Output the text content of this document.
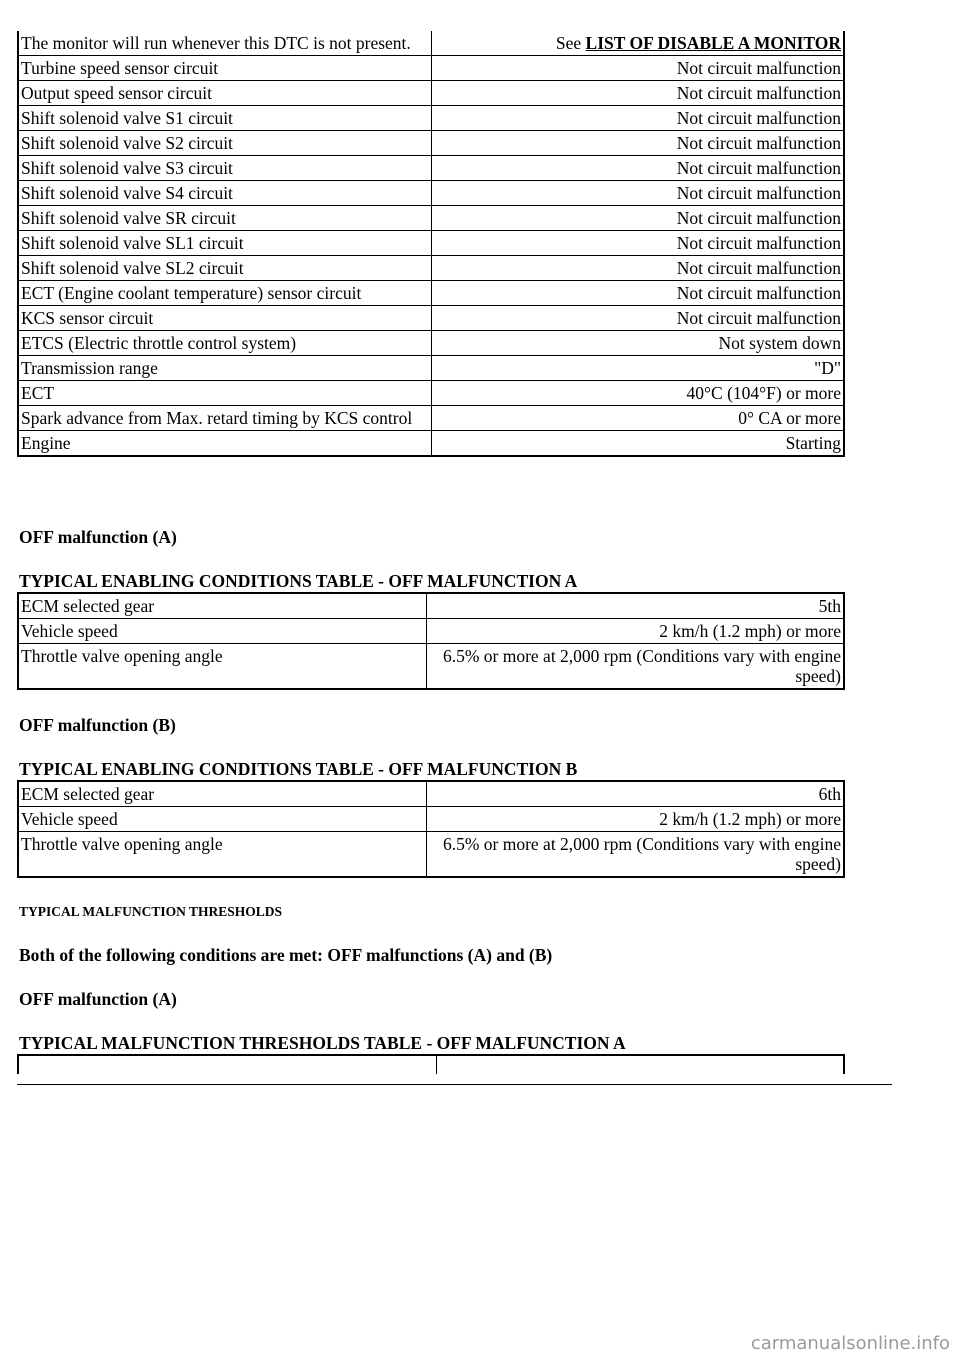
The monitor will run whenever this DTC is not present.	See LIST OF DISABLE A MONITOR
Turbine speed sensor circuit	Not circuit malfunction
Output speed sensor circuit	Not circuit malfunction
Shift solenoid valve S1 circuit	Not circuit malfunction
Shift solenoid valve S2 circuit	Not circuit malfunction
Shift solenoid valve S3 circuit	Not circuit malfunction
Shift solenoid valve S4 circuit	Not circuit malfunction
Shift solenoid valve SR circuit	Not circuit malfunction
Shift solenoid valve SL1 circuit	Not circuit malfunction
Shift solenoid valve SL2 circuit	Not circuit malfunction
ECT (Engine coolant temperature) sensor circuit	Not circuit malfunction
KCS sensor circuit	Not circuit malfunction
ETCS (Electric throttle control system)	Not system down
Transmission range	"D"
ECT	40°C (104°F) or more
Spark advance from Max. retard timing by KCS control	0° CA or more
Engine	Starting

OFF malfunction (A)

TYPICAL ENABLING CONDITIONS TABLE - OFF MALFUNCTION A

ECM selected gear	5th
Vehicle speed	2 km/h (1.2 mph) or more
Throttle valve opening angle	6.5% or more at 2,000 rpm (Conditions vary with engine speed)

OFF malfunction (B)

TYPICAL ENABLING CONDITIONS TABLE - OFF MALFUNCTION B

ECM selected gear	6th
Vehicle speed	2 km/h (1.2 mph) or more
Throttle valve opening angle	6.5% or more at 2,000 rpm (Conditions vary with engine speed)

TYPICAL MALFUNCTION THRESHOLDS

Both of the following conditions are met: OFF malfunctions (A) and (B)

OFF malfunction (A)

TYPICAL MALFUNCTION THRESHOLDS TABLE - OFF MALFUNCTION A

carmanualsonline.info
